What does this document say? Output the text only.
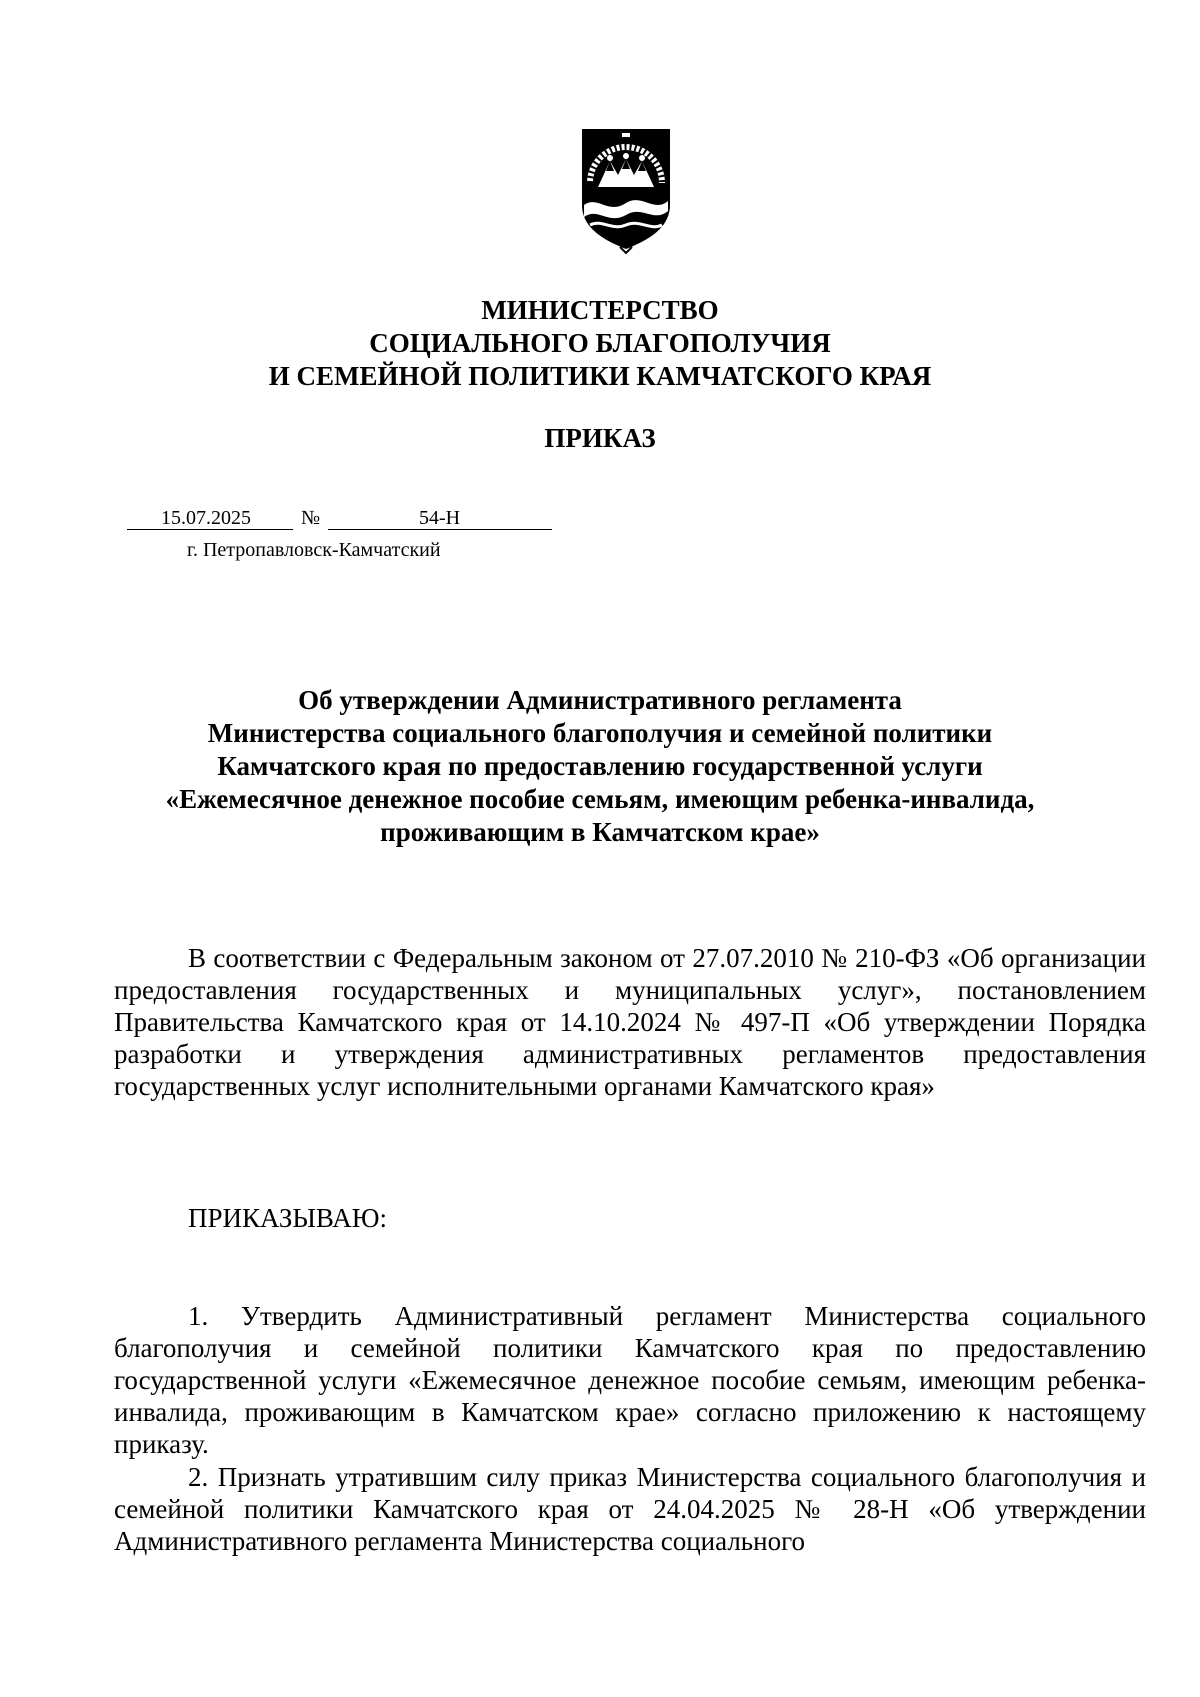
МИНИСТЕРСТВО
СОЦИАЛЬНОГО БЛАГОПОЛУЧИЯ
И СЕМЕЙНОЙ ПОЛИТИКИ КАМЧАТСКОГО КРАЯ
ПРИКАЗ
15.07.2025	№	54-Н
г. Петропавловск-Камчатский
Об утверждении Административного регламента
Министерства социального благополучия и семейной политики
Камчатского края по предоставлению государственной услуги
«Ежемесячное денежное пособие семьям, имеющим ребенка-инвалида,
проживающим в Камчатском крае»

В соответствии с Федеральным законом от 27.07.2010 № 210-ФЗ «Об организации предоставления государственных и муниципальных услуг», постановлением Правительства Камчатского края от 14.10.2024 № 497-П «Об утверждении Порядка разработки и утверждения административных регламентов предоставления государственных услуг исполнительными органами Камчатского края»

ПРИКАЗЫВАЮ:

1. Утвердить Административный регламент Министерства социального благополучия и семейной политики Камчатского края по предоставлению государственной услуги «Ежемесячное денежное пособие семьям, имеющим ребенка-инвалида, проживающим в Камчатском крае» согласно приложению к настоящему приказу.

2. Признать утратившим силу приказ Министерства социального благополучия и семейной политики Камчатского края от 24.04.2025 № 28-Н «Об утверждении Административного регламента Министерства социального
